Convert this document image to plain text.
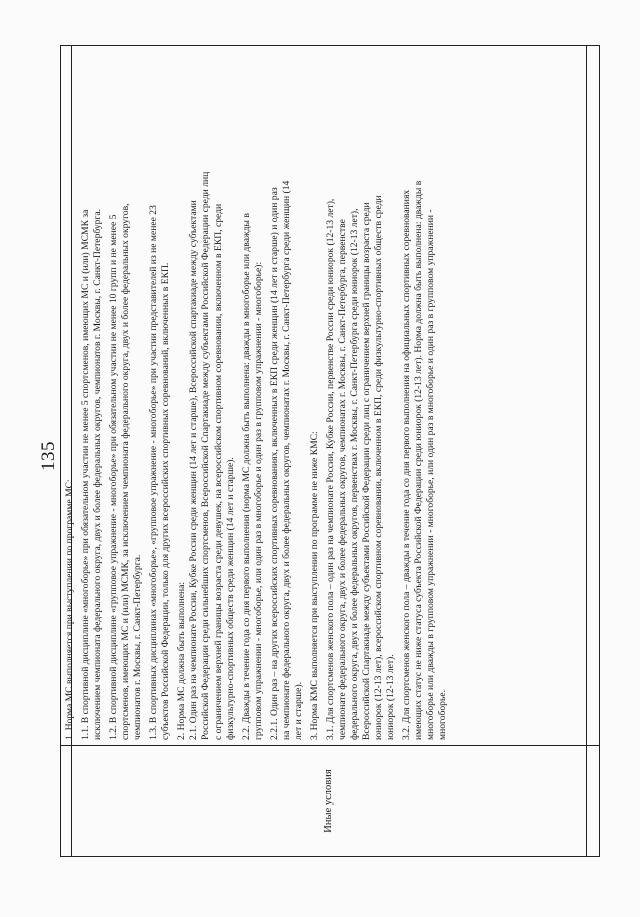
135
Иные условия
1. Норма МС выполняется при выступлении по программе МС: 1.1. В спортивной дисциплине «многоборье» при обязательном участии не менее 5 спортсменов, имеющих МС и (или) МСМК за исключением чемпионата федерального округа, двух и более федеральных округов, чемпионатов г. Москвы, г. Санкт-Петербурга. 1.2. В спортивной дисциплине «групповое упражнение - многоборье» при обязательном участии не менее 10 групп и не менее 5 спортсменов, имеющих МС и (или) МСМК, за исключением чемпионата федерального округа, двух и более федеральных округов, чемпионатов г. Москвы, г. Санкт-Петербурга. 1.3. В спортивных дисциплинах «многоборье», «групповое упражнение - многоборье» при участии представителей из не менее 23 субъектов Российской Федерации, только для других всероссийских спортивных соревнований, включенных в ЕКП. 2. Норма МС должна быть выполнена: 2.1. Один раз на чемпионате России, Кубке России среди женщин (14 лет и старше), Всероссийской спартакиаде между субъектами Российской Федерации среди сильнейших спортсменов, Всероссийской Спартакиаде между субъектами Российской Федерации среди лиц с ограничением верхней границы возраста среди девушек, на всероссийском спортивном соревновании, включенном в ЕКП, среди физкультурно-спортивных обществ среди женщин (14 лет и старше). 2.2. Дважды в течение года со дня первого выполнения (норма МС должна быть выполнена: дважды в многоборье или дважды в групповом упражнении - многоборье, или один раз в многоборье и один раз в групповом упражнении - многоборье): 2.2.1. Один раз – на других всероссийских спортивных соревнованиях, включенных в ЕКП среди женщин (14 лет и старше) и один раз на чемпионате федерального округа, двух и более федеральных округов, чемпионатах г. Москвы, г. Санкт-Петербурга среди женщин (14 лет и старше). 3. Норма КМС выполняется при выступлении по программе не ниже КМС: 3.1. Для спортсменов женского пола – один раз на чемпионате России, Кубке России, первенстве России среди юниорок (12-13 лет), чемпионате федерального округа, двух и более федеральных округов, чемпионатах г. Москвы, г. Санкт-Петербурга, первенстве федерального округа, двух и более федеральных округов, первенствах г. Москвы, г. Санкт-Петербурга среди юниорок (12-13 лет), Всероссийской Спартакиаде между субъектами Российской Федерации среди лиц с ограничением верхней границы возраста среди юниорок (12-13 лет), всероссийском спортивном соревновании, включенном в ЕКП, среди физкультурно-спортивных обществ среди юниорок (12-13 лет). 3.2. Для спортсменов женского пола – дважды в течение года со дня первого выполнения на официальных спортивных соревнованиях имеющих статус не ниже статуса субъекта Российской Федерации среди юниорок (12-13 лет). Норма должна быть выполнена: дважды в многоборье или дважды в групповом упражнении - многоборье, или один раз в многоборье и один раз в групповом упражнении - многоборье.
